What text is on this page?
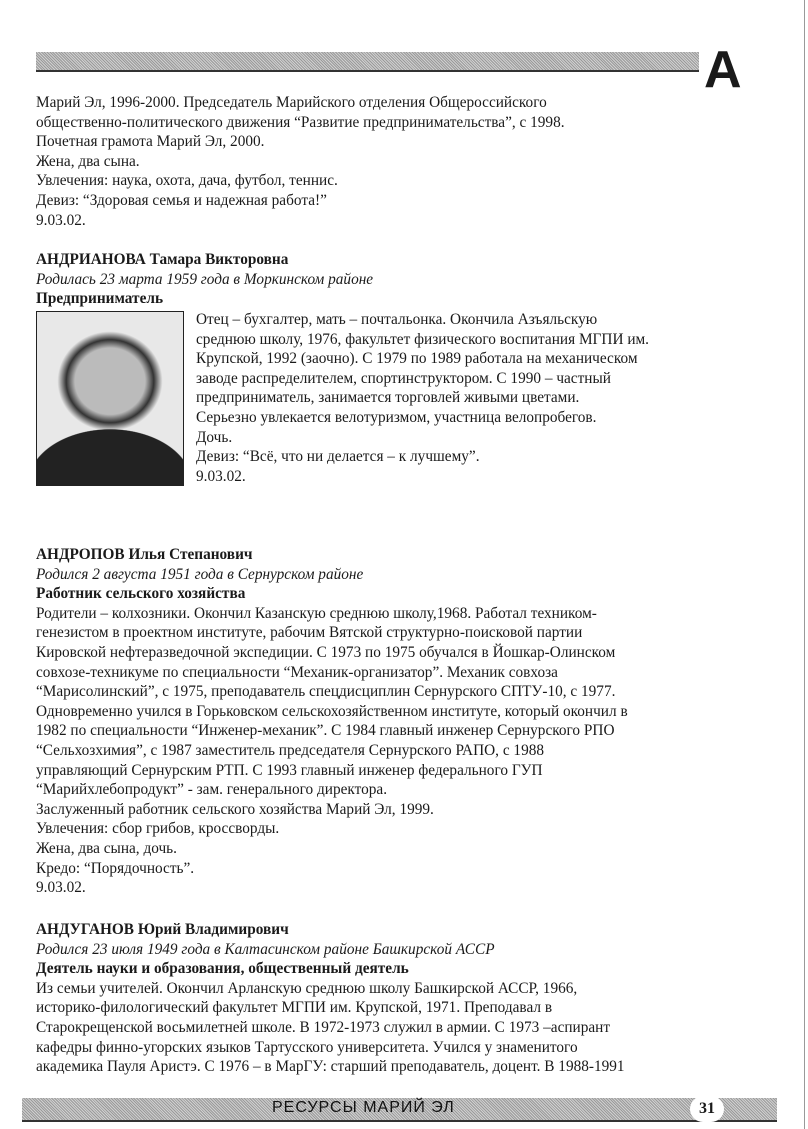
А
Марий Эл, 1996-2000. Председатель Марийского отделения Общероссийского
общественно-политического движения “Развитие предпринимательства”, с 1998.
Почетная грамота Марий Эл, 2000.
Жена, два сына.
Увлечения: наука, охота, дача, футбол, теннис.
Девиз: “Здоровая семья и надежная работа!”
9.03.02.
АНДРИАНОВА Тамара Викторовна
Родилась 23 марта 1959 года в Моркинском районе
Предприниматель
Отец – бухгалтер, мать – почтальонка. Окончила Азъяльскую
среднюю школу, 1976, факультет физического воспитания МГПИ им.
Крупской, 1992 (заочно). С 1979 по 1989 работала на механическом
заводе распределителем, спортинструктором. С 1990 – частный
предприниматель, занимается торговлей живыми цветами.
Серьезно увлекается велотуризмом, участница велопробегов.
Дочь.
Девиз: “Всё, что ни делается – к лучшему”.
9.03.02.
АНДРОПОВ Илья Степанович
Родился 2 августа 1951 года в Сернурском районе
Работник сельского хозяйства
Родители – колхозники. Окончил Казанскую среднюю школу,1968. Работал техником-
генезистом в проектном институте, рабочим Вятской структурно-поисковой партии
Кировской нефтеразведочной экспедиции. С 1973 по 1975 обучался в Йошкар-Олинском
совхозе-техникуме по специальности “Механик-организатор”. Механик совхоза
“Марисолинский”, с 1975, преподаватель спецдисциплин Сернурского СПТУ-10, с 1977.
Одновременно учился в Горьковском сельскохозяйственном институте, который окончил в
1982 по специальности “Инженер-механик”. С 1984 главный инженер Сернурского РПО
“Сельхозхимия”, с 1987 заместитель председателя Сернурского РАПО, с 1988
управляющий Сернурским РТП. С 1993 главный инженер федерального ГУП
“Марийхлебопродукт” - зам. генерального директора.
Заслуженный работник сельского хозяйства Марий Эл, 1999.
Увлечения: сбор грибов, кроссворды.
Жена, два сына, дочь.
Кредо: “Порядочность”.
9.03.02.
АНДУГАНОВ Юрий Владимирович
Родился 23 июля 1949 года в Калтасинском районе Башкирской АССР
Деятель науки и образования, общественный деятель
Из семьи учителей. Окончил Арланскую среднюю школу Башкирской АССР, 1966,
историко-филологический факультет МГПИ им. Крупской, 1971. Преподавал в
Старокрещенской восьмилетней школе. В 1972-1973 служил в армии. С 1973 –аспирант
кафедры финно-угорских языков Тартусского университета. Учился у знаменитого
академика Пауля Аристэ. С 1976 – в МарГУ: старший преподаватель, доцент. В 1988-1991
РЕСУРСЫ МАРИЙ ЭЛ	31
